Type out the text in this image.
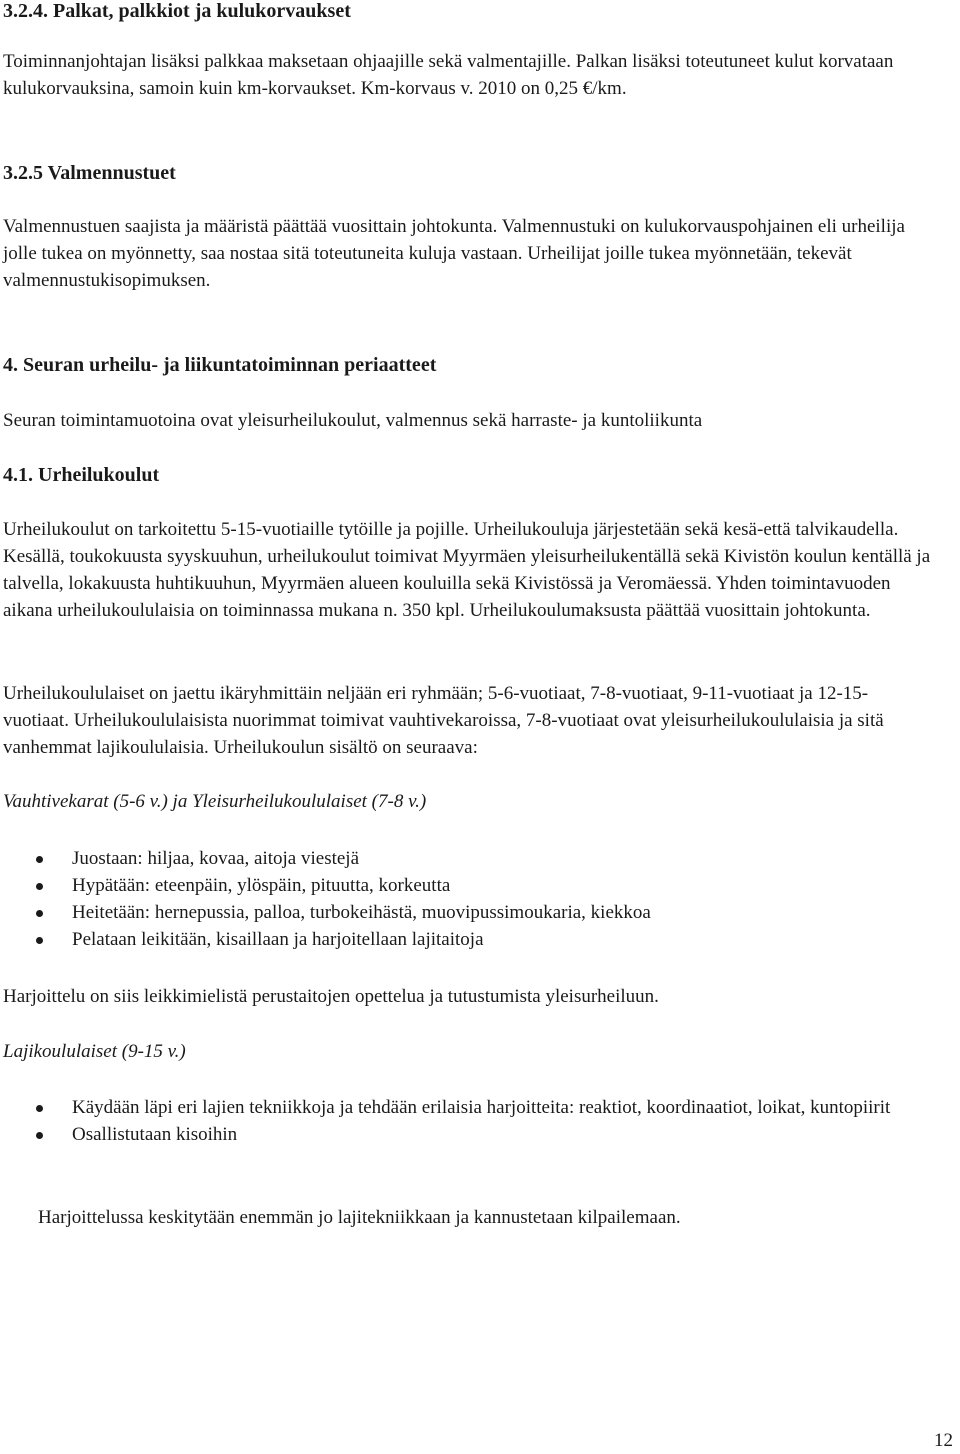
3.2.4. Palkat, palkkiot ja kulukorvaukset

Toiminnanjohtajan lisäksi palkkaa maksetaan ohjaajille sekä valmentajille. Palkan lisäksi toteutuneet kulut korvataan kulukorvauksina, samoin kuin km-korvaukset. Km-korvaus v. 2010 on 0,25 €/km.

3.2.5 Valmennustuet

Valmennustuen saajista ja määristä päättää vuosittain johtokunta. Valmennustuki on kulukorvauspohjainen eli urheilija jolle tukea on myönnetty, saa nostaa sitä toteutuneita kuluja vastaan. Urheilijat joille tukea myönnetään, tekevät valmennustukisopimuksen.

4. Seuran urheilu- ja liikuntatoiminnan periaatteet

Seuran toimintamuotoina ovat yleisurheilukoulut, valmennus sekä harraste- ja kuntoliikunta

4.1. Urheilukoulut

Urheilukoulut on tarkoitettu 5-15-vuotiaille tytöille ja pojille. Urheilukouluja järjestetään sekä kesä-että talvikaudella. Kesällä, toukokuusta syyskuuhun, urheilukoulut toimivat Myyrmäen yleisurheilukentällä sekä Kivistön koulun kentällä ja talvella, lokakuusta huhtikuuhun, Myyrmäen alueen kouluilla sekä Kivistössä ja Veromäessä. Yhden toimintavuoden aikana urheilukoululaisia on toiminnassa mukana n. 350 kpl. Urheilukoulumaksusta päättää vuosittain johtokunta.

Urheilukoululaiset on jaettu ikäryhmittäin neljään eri ryhmään; 5-6-vuotiaat, 7-8-vuotiaat, 9-11-vuotiaat ja 12-15-vuotiaat. Urheilukoululaisista nuorimmat toimivat vauhtivekaroissa, 7-8-vuotiaat ovat yleisurheilukoululaisia ja sitä vanhemmat lajikoululaisia. Urheilukoulun sisältö on seuraava:

Vauhtivekarat (5-6 v.) ja Yleisurheilukoululaiset (7-8 v.)

Juostaan: hiljaa, kovaa, aitoja viestejä
Hypätään: eteenpäin, ylöspäin, pituutta, korkeutta
Heitetään: hernepussia, palloa, turbokeihästä, muovipussimoukaria, kiekkoa
Pelataan leikitään, kisaillaan ja harjoitellaan lajitaitoja

Harjoittelu on siis leikkimielistä perustaitojen opettelua ja tutustumista yleisurheiluun.

Lajikoululaiset (9-15 v.)

Käydään läpi eri lajien tekniikkoja ja tehdään erilaisia harjoitteita: reaktiot, koordinaatiot, loikat, kuntopiirit
Osallistutaan kisoihin

Harjoittelussa keskitytään enemmän jo lajitekniikkaan ja kannustetaan kilpailemaan.

12
